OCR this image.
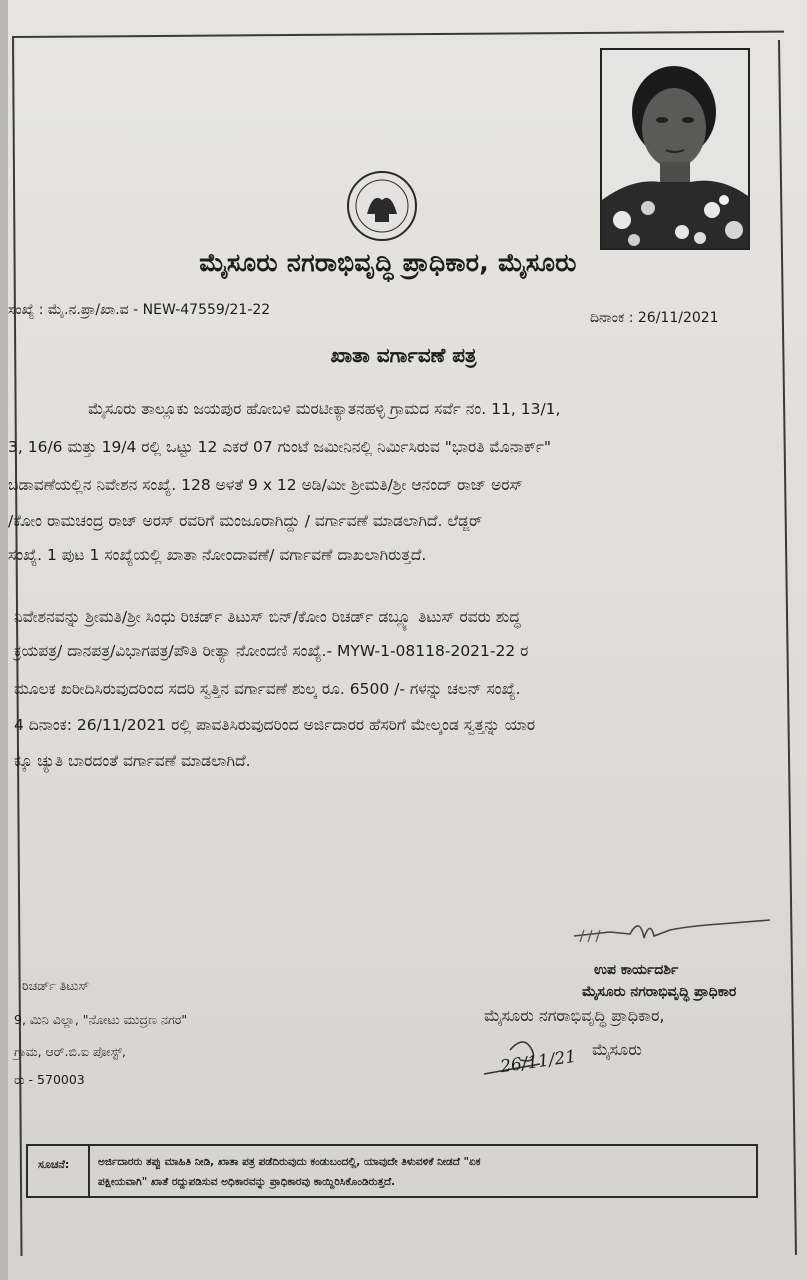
ಮೈಸೂರು ನಗರಾಭಿವೃದ್ಧಿ ಪ್ರಾಧಿಕಾರ, ಮೈಸೂರು
ಸಂಖ್ಯೆ : ಮೈ.ನ.ಪ್ರಾ/ಖಾ.ವ - NEW-47559/21-22	ದಿನಾಂಕ : 26/11/2021
ಖಾತಾ ವರ್ಗಾವಣೆ ಪತ್ರ
ಮೈಸೂರು ತಾಲ್ಲೂಕು ಜಯಪುರ ಹೋಬಳಿ ಮರಟೀಕ್ಯಾತನಹಳ್ಳಿ ಗ್ರಾಮದ ಸರ್ವೆ ನಂ. 11, 13/1,
3, 16/6 ಮತ್ತು 19/4 ರಲ್ಲಿ ಒಟ್ಟು 12 ಎಕರೆ 07 ಗುಂಟೆ ಜಮೀನಿನಲ್ಲಿ ನಿರ್ಮಿಸಿರುವ "ಭಾರತಿ ಮೊನಾರ್ಕ್"
ಬಡಾವಣೆಯಲ್ಲಿನ ನಿವೇಶನ ಸಂಖ್ಯೆ. 128 ಅಳತೆ 9 x 12 ಅಡಿ/ಮೀ ಶ್ರೀಮತಿ/ಶ್ರೀ ಆನಂದ್ ರಾಜ್ ಅರಸ್
/ಕೋಂ ರಾಮಚಂದ್ರ ರಾಜ್ ಅರಸ್ ರವರಿಗೆ ಮಂಜೂರಾಗಿದ್ದು / ವರ್ಗಾವಣೆ ಮಾಡಲಾಗಿದೆ. ಲೆಡ್ಜರ್
ಸಂಖ್ಯೆ. 1 ಪುಟ 1 ಸಂಖ್ಯೆಯಲ್ಲಿ ಖಾತಾ ನೋಂದಾವಣೆ/ ವರ್ಗಾವಣೆ ದಾಖಲಾಗಿರುತ್ತದೆ.
ನಿವೇಶನವನ್ನು ಶ್ರೀಮತಿ/ಶ್ರೀ ಸಿಂಧು ರಿಚರ್ಡ್ ತಿಟುಸ್ ಬಿನ್/ಕೋಂ ರಿಚರ್ಡ್ ಡಬ್ಲ್ಯೂ ತಿಟುಸ್ ರವರು ಶುದ್ಧ
ಕ್ರಯಪತ್ರ/ ದಾನಪತ್ರ/ವಿಭಾಗಪತ್ರ/ಪೌತಿ ರೀತ್ಯಾ ನೋಂದಣಿ ಸಂಖ್ಯೆ.- MYW-1-08118-2021-22 ರ
ಮೂಲಕ ಖರೀದಿಸಿರುವುದರಿಂದ ಸದರಿ ಸ್ವತ್ತಿನ ವರ್ಗಾವಣೆ ಶುಲ್ಕ ರೂ. 6500 /- ಗಳನ್ನು ಚಲನ್ ಸಂಖ್ಯೆ.
4 ದಿನಾಂಕ: 26/11/2021 ರಲ್ಲಿ ಪಾವತಿಸಿರುವುದರಿಂದ ಅರ್ಜಿದಾರರ ಹೆಸರಿಗೆ ಮೇಲ್ಕಂಡ ಸ್ವತ್ತನ್ನು ಯಾರ
ಕ್ಕೂ ಚ್ಯುತಿ ಬಾರದಂತೆ ವರ್ಗಾವಣೆ ಮಾಡಲಾಗಿದೆ.
ಉಪ ಕಾರ್ಯದರ್ಶಿ
ಮೈಸೂರು ನಗರಾಭಿವೃದ್ಧಿ ಪ್ರಾಧಿಕಾರ
ಮೈಸೂರು ನಗರಾಭಿವೃದ್ಧಿ ಪ್ರಾಧಿಕಾರ,
ಮೈಸೂರು
26/11/21
ರಿಚರ್ಡ್ ತಿಟುಸ್
9, ಮಿನಿ ವಿಲ್ಲಾ, "ನೋಟು ಮುದ್ರಣ ನಗರ"
ಗ್ರಾಮ, ಆರ್.ಬಿ.ಐ ಪೋಸ್ಟ್,
ರು - 570003
ಸೂಚನೆ:	ಅರ್ಜಿದಾರರು ತಪ್ಪು ಮಾಹಿತಿ ನೀಡಿ, ಖಾತಾ ಪತ್ರ ಪಡೆದಿರುವುದು ಕಂಡುಬಂದಲ್ಲಿ, ಯಾವುದೇ ತಿಳುವಳಿಕೆ ನೀಡದೆ "ಏಕ
ಪಕ್ಷೀಯವಾಗಿ" ಖಾತೆ ರದ್ದುಪಡಿಸುವ ಅಧಿಕಾರವನ್ನು ಪ್ರಾಧಿಕಾರವು ಕಾಯ್ದಿರಿಸಿಕೊಂಡಿರುತ್ತದೆ.
